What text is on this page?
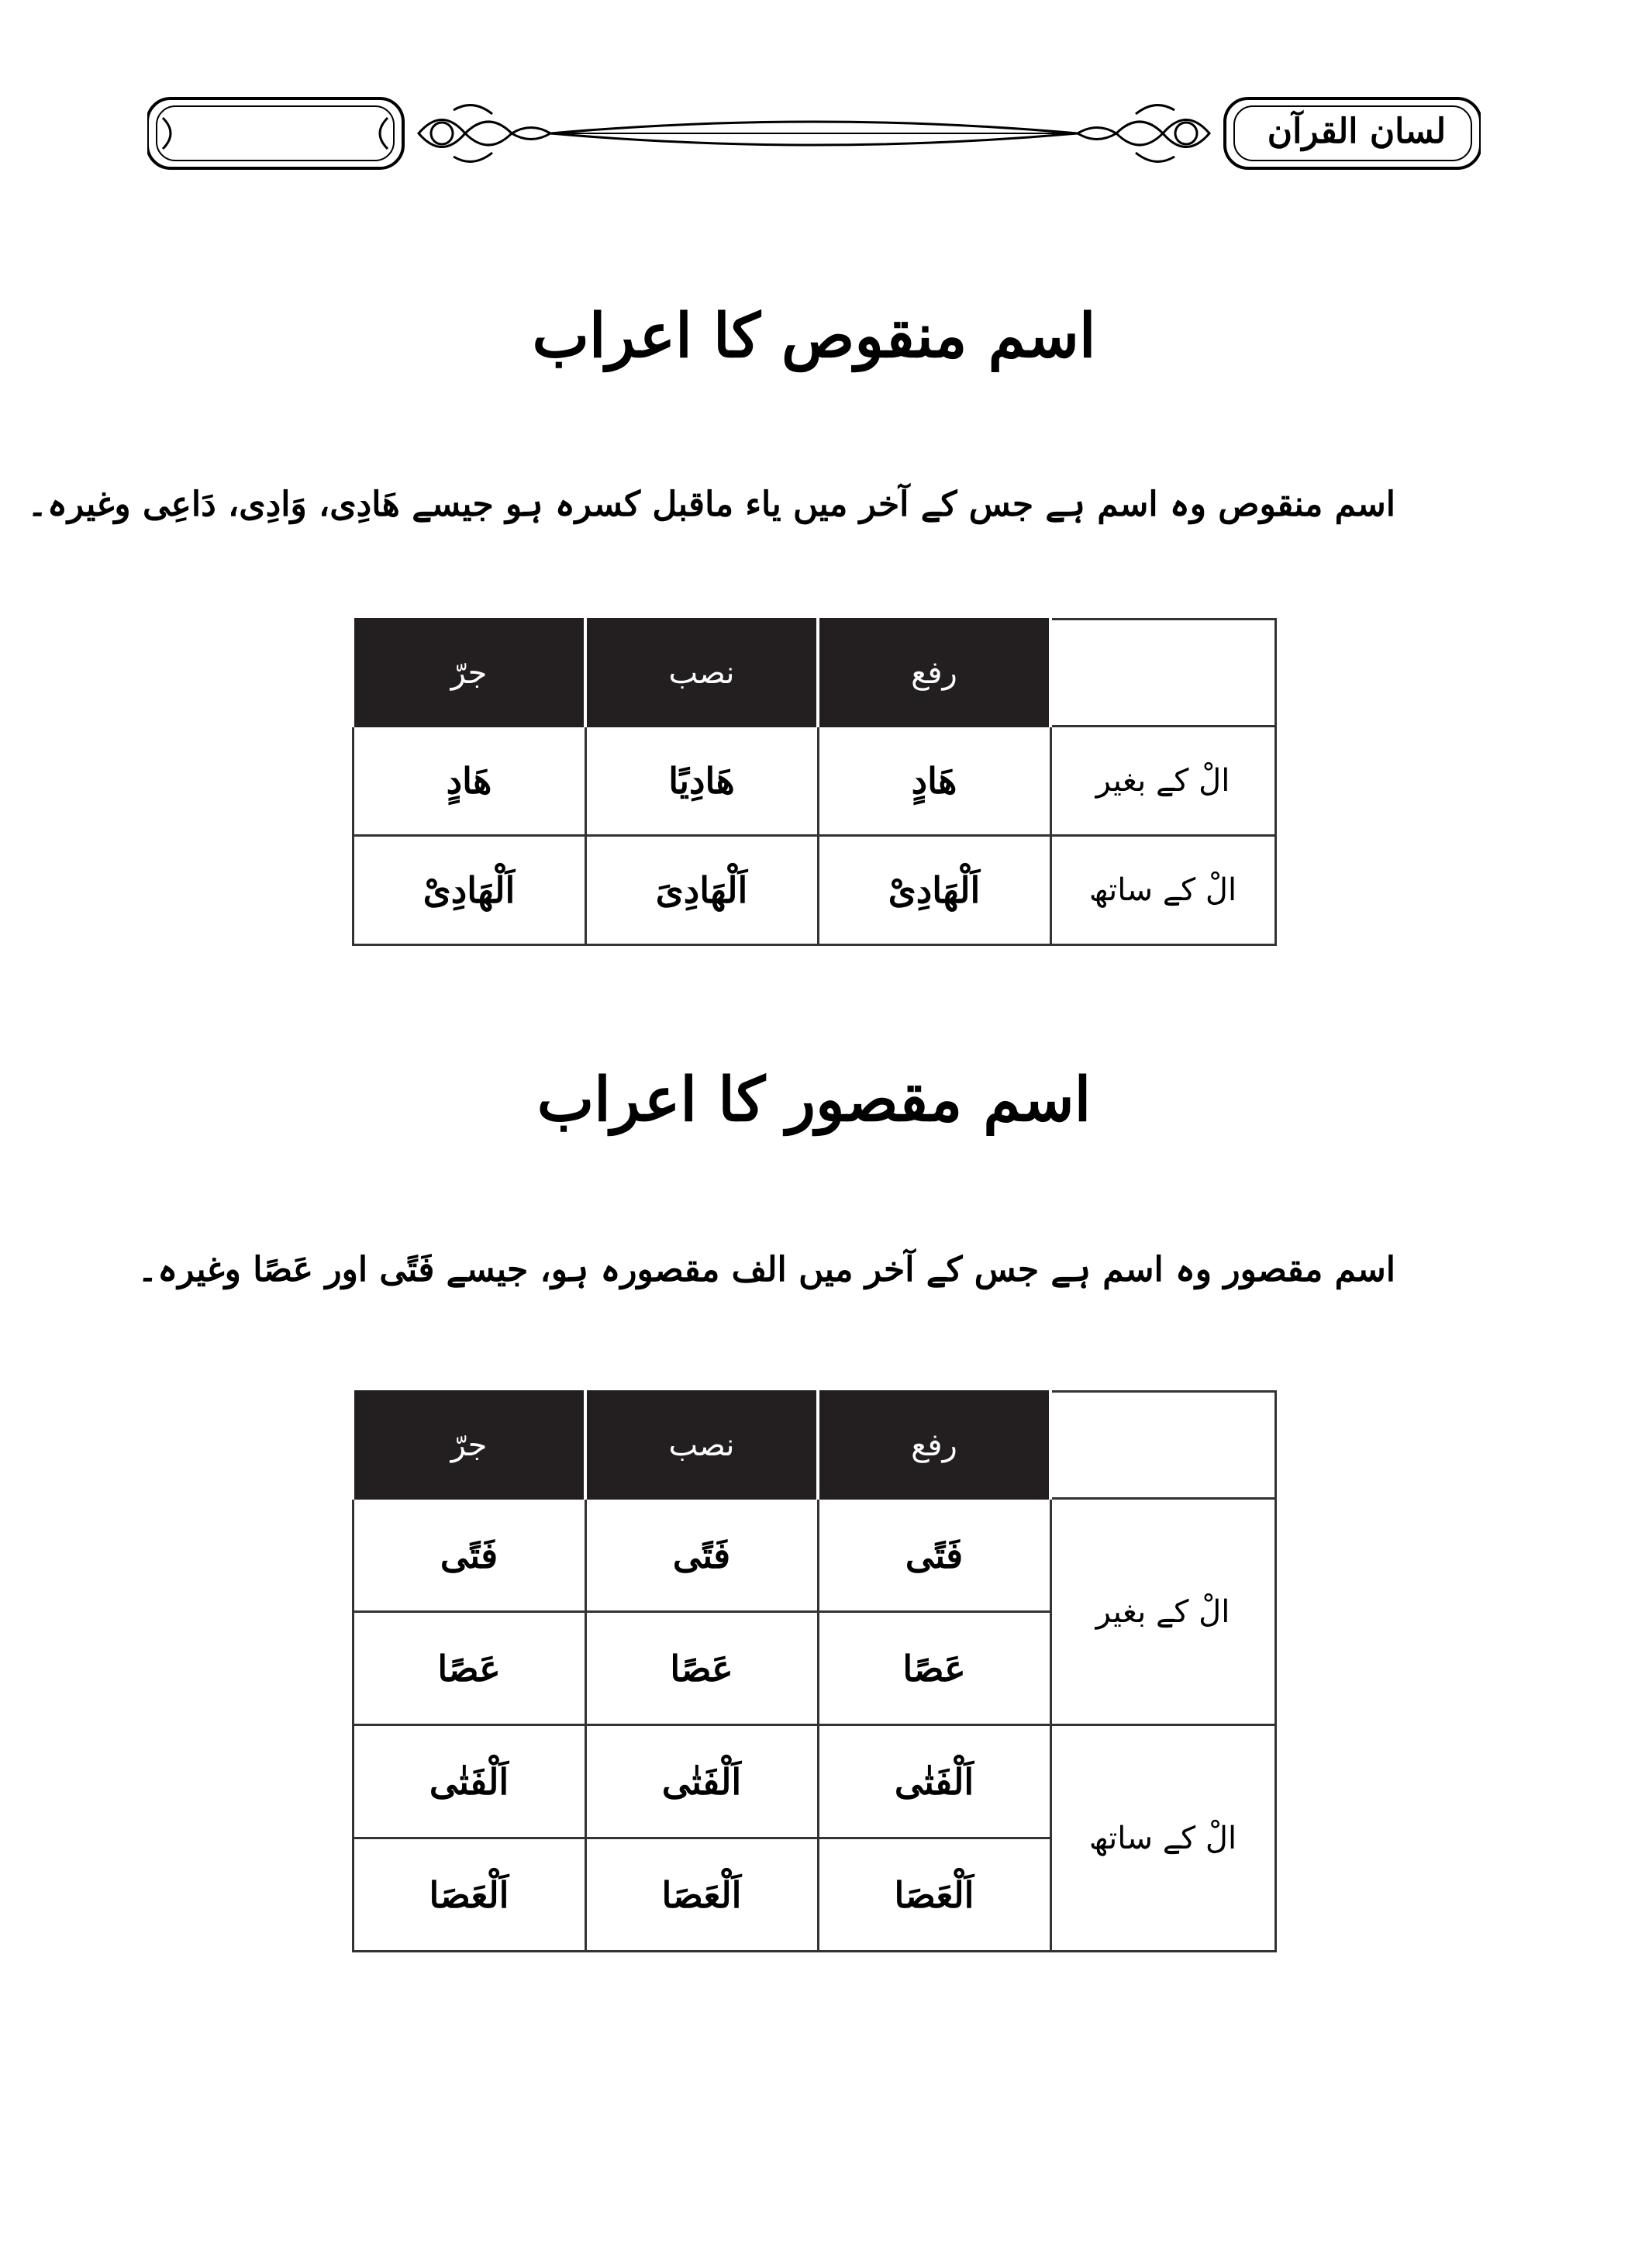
لسان القرآن
اسم منقوص کا اعراب
اسم منقوص وہ اسم ہے جس کے آخر میں یاء ماقبل کسرہ ہو جیسے ھَادِی، وَادِی، دَاعِی وغیرہ۔
	رفع	نصب	جرّ
الْ کے بغیر	ھَادٍ	ھَادِيًا	ھَادٍ
الْ کے ساتھ	اَلْھَادِیْ	اَلْھَادِیَ	اَلْھَادِیْ
اسم مقصور کا اعراب
اسم مقصور وہ اسم ہے جس کے آخر میں الف مقصورہ ہو، جیسے فَتًی اور عَصًا وغیرہ۔
	رفع	نصب	جرّ
الْ کے بغیر	فَتًی	فَتًی	فَتًی
	عَصًا	عَصًا	عَصًا
الْ کے ساتھ	اَلْفَتٰی	اَلْفَتٰی	اَلْفَتٰی
	اَلْعَصَا	اَلْعَصَا	اَلْعَصَا
